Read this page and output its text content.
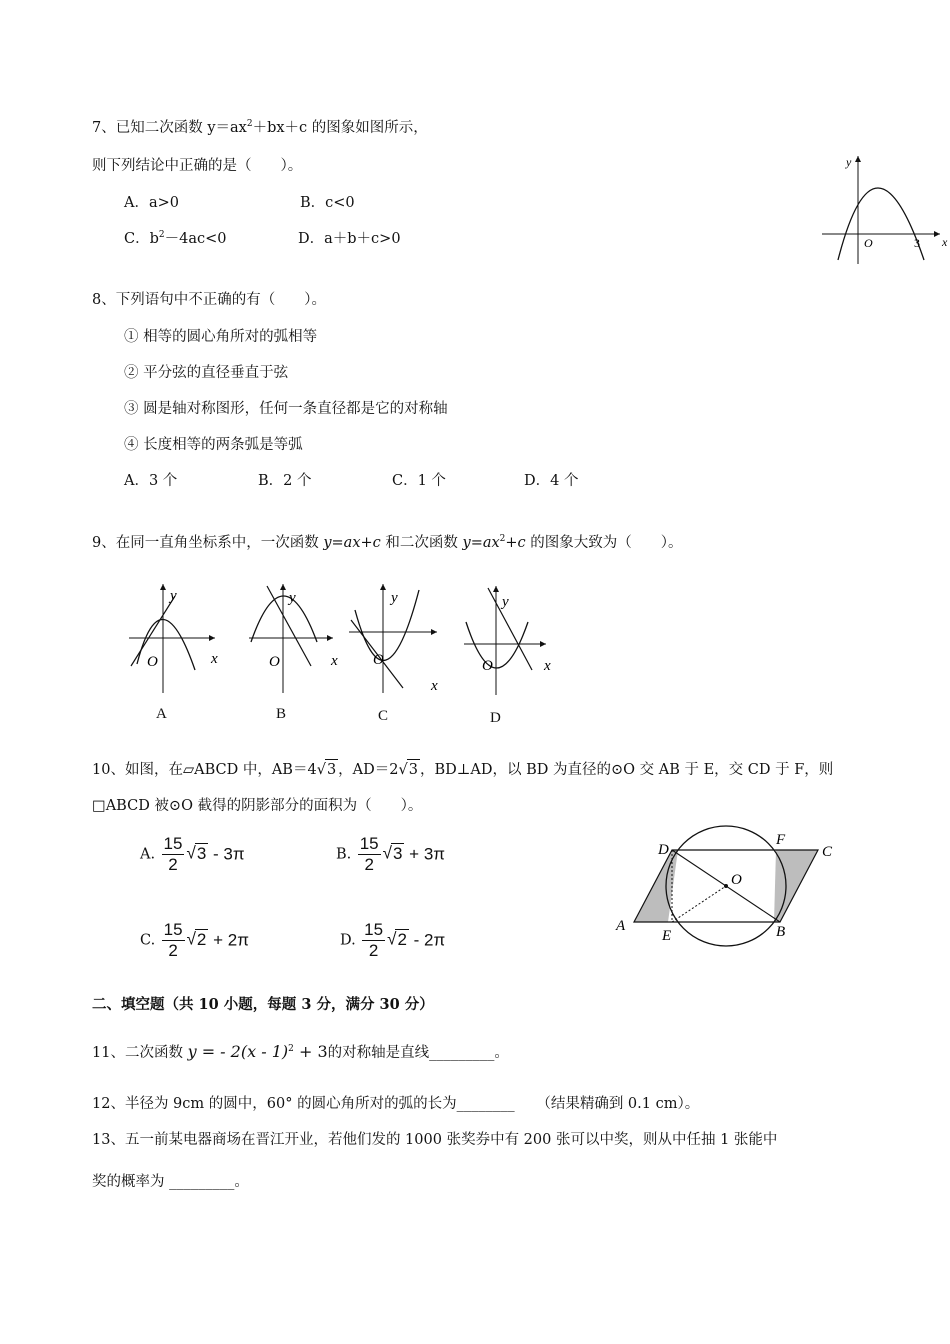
7、已知二次函数 $y=ax^2+bx+c$ 的图象如图所示，
则下列结论中正确的是（　　）。
A．a>0	B．c<0
C．$b^2-4ac<0$	D．a＋b＋c>0
y
x
O	3
8、下列语句中不正确的有（　　）。
① 相等的圆心角所对的弧相等
② 平分弦的直径垂直于弦
③ 圆是轴对称图形，任何一条直径都是它的对称轴
④ 长度相等的两条弧是等弧
A．3 个	B．2 个	C．1 个	D．4 个
9、在同一直角坐标系中，一次函数 y=ax+c 和二次函数 $y=ax^2+c$ 的图象大致为（　　）。
y
x
O
A
y
x
O
B
y
x
O
C
y
x
O
D
10、如图，在▱ABCD 中，AB＝4√3 ，AD＝2√3 ，BD⊥AD，以 BD 为直径的⊙O 交 AB 于 E，交 CD 于 F，则
□ABCD 被⊙O 截得的阴影部分的面积为（　　）。
A. $\frac{15}{2} √3 - 3\pi$	B. $\frac{15}{2} √3 + 3\pi$
C. $\frac{15}{2} √2 + 2\pi$	D. $\frac{15}{2} √2 - 2\pi$
D
F
C
O
A
E	B
二、填空题（共 10 小题，每题 3 分，满分 30 分）
11、二次函数 y = - 2(x - 1)$^2$ + 3的对称轴是直线_________。
12、半径为 9cm 的圆中，60° 的圆心角所对的弧的长为________　　（结果精确到 0.1 cm）。
13、五一前某电器商场在晋江开业，若他们发的 1000 张奖券中有 200 张可以中奖，则从中任抽 1 张能中
奖的概率为 _________。
